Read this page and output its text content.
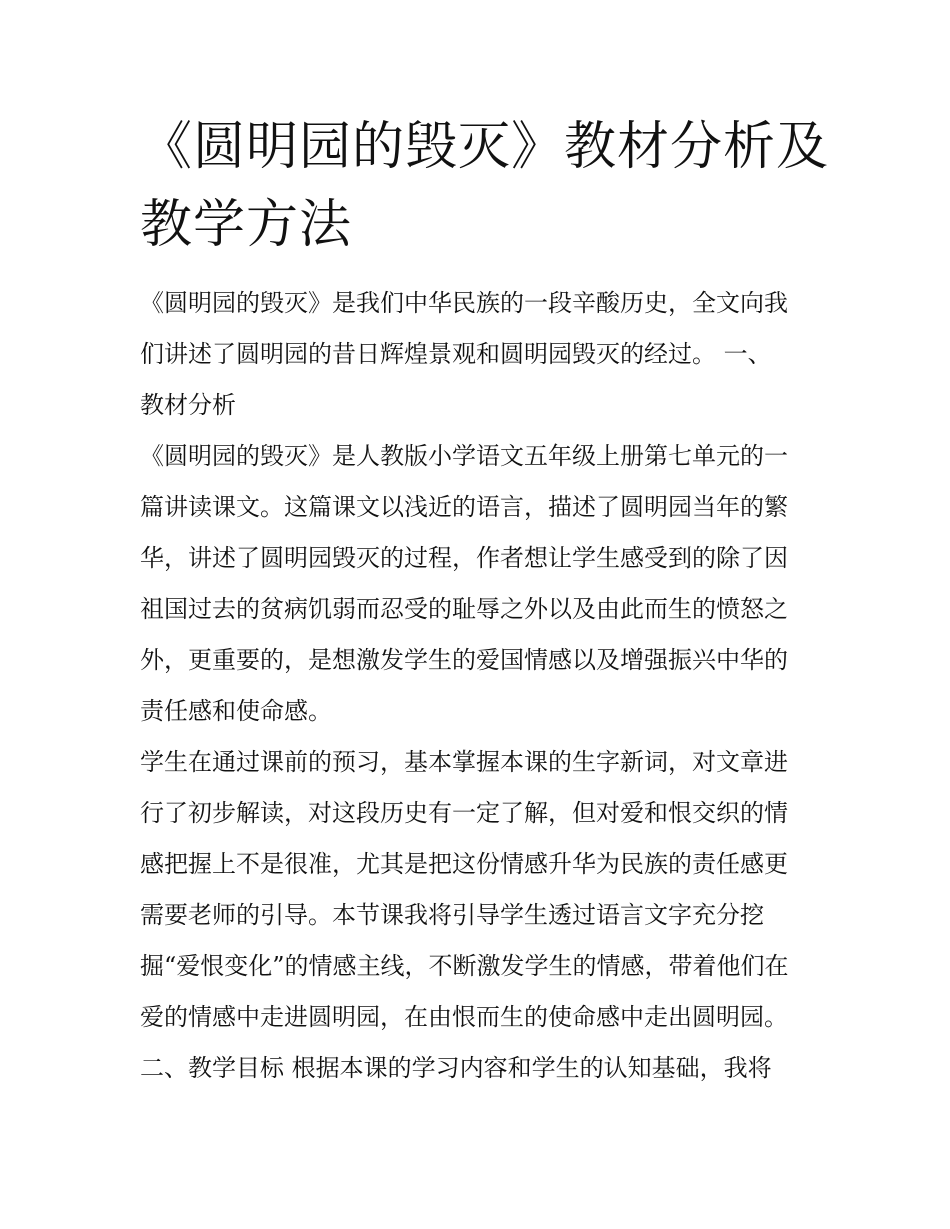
《圆明园的毁灭》教材分析及
教学方法
《圆明园的毁灭》是我们中华民族的一段辛酸历史，全文向我
们讲述了圆明园的昔日辉煌景观和圆明园毁灭的经过。 一、
教材分析
《圆明园的毁灭》是人教版小学语文五年级上册第七单元的一
篇讲读课文。这篇课文以浅近的语言，描述了圆明园当年的繁
华，讲述了圆明园毁灭的过程，作者想让学生感受到的除了因
祖国过去的贫病饥弱而忍受的耻辱之外以及由此而生的愤怒之
外，更重要的，是想激发学生的爱国情感以及增强振兴中华的
责任感和使命感。
学生在通过课前的预习，基本掌握本课的生字新词，对文章进
行了初步解读，对这段历史有一定了解，但对爱和恨交织的情
感把握上不是很准，尤其是把这份情感升华为民族的责任感更
需要老师的引导。本节课我将引导学生透过语言文字充分挖
掘“爱恨变化”的情感主线，不断激发学生的情感，带着他们在
爱的情感中走进圆明园，在由恨而生的使命感中走出圆明园。
二、教学目标 根据本课的学习内容和学生的认知基础，我将
